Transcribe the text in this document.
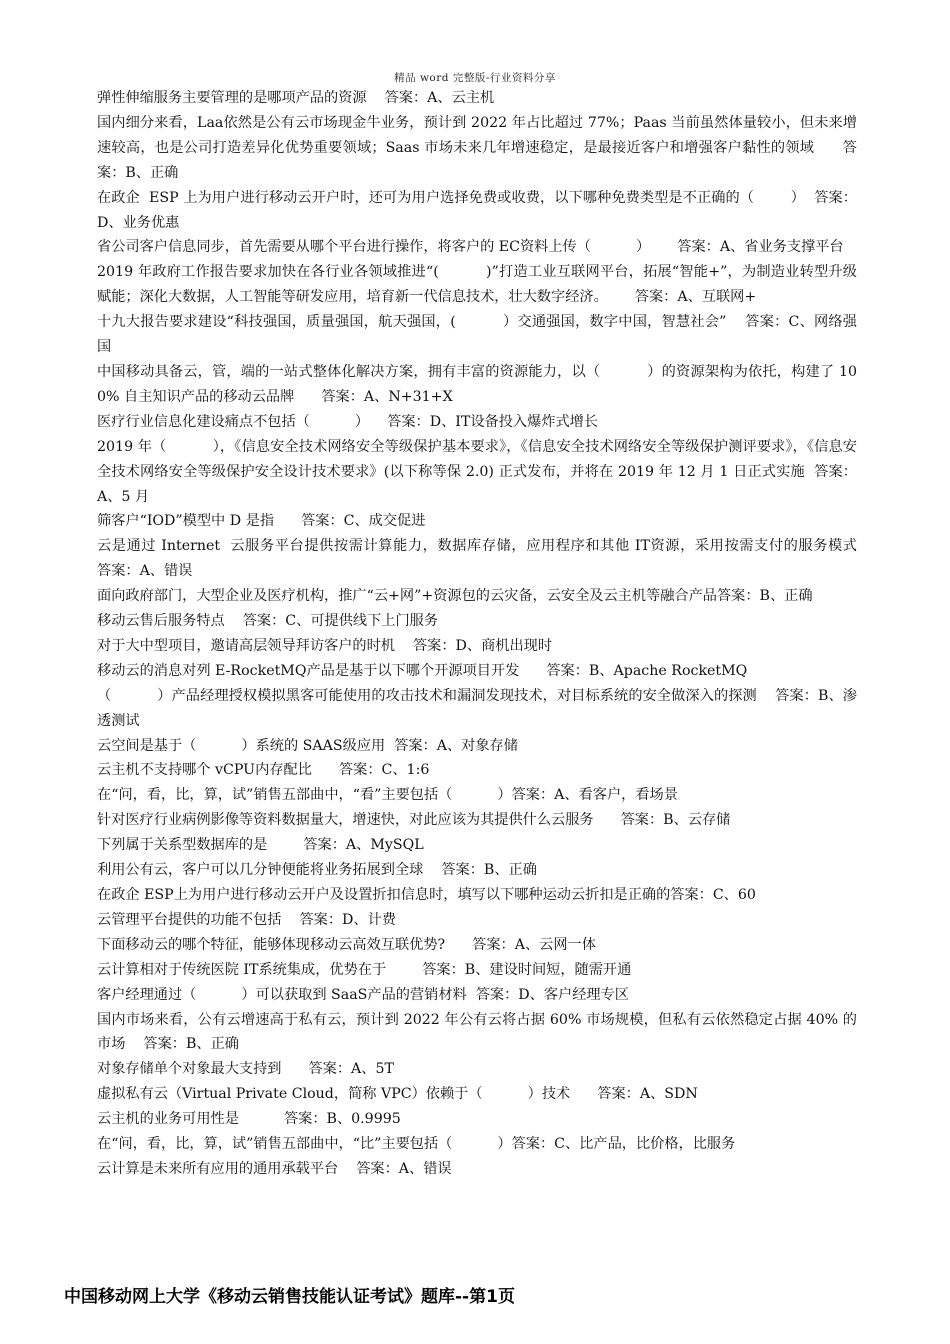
精品 word 完整版-行业资料分享
弹性伸缩服务主要管理的是哪项产品的资源    答案：A、云主机
国内细分来看，Laa依然是公有云市场现金牛业务，预计到 2022 年占比超过 77%；Paas 当前虽然体量较小，但未来增速较高，也是公司打造差异化优势重要领域；Saas 市场未来几年增速稳定，是最接近客户和增强客户黏性的领域      答案：B、正确
在政企  ESP 上为用户进行移动云开户时，还可为用户选择免费或收费，以下哪种免费类型是不正确的（        ）  答案：D、业务优惠
省公司客户信息同步，首先需要从哪个平台进行操作，将客户的 EC资料上传（          ）      答案：A、省业务支撑平台
2019 年政府工作报告要求加快在各行业各领域推进“(          )”打造工业互联网平台，拓展“智能+”，为制造业转型升级赋能；深化大数据，人工智能等研发应用，培育新一代信息技术，壮大数字经济。      答案：A、互联网+
十九大报告要求建设“科技强国，质量强国，航天强国，(          ）交通强国，数字中国，智慧社会”    答案：C、网络强国
中国移动具备云，管，端的一站式整体化解决方案，拥有丰富的资源能力，以（          ）的资源架构为依托，构建了 100% 自主知识产品的移动云品牌      答案：A、N+31+X
医疗行业信息化建设痛点不包括（          ）    答案：D、IT设备投入爆炸式增长
2019 年（          ），《信息安全技术网络安全等级保护基本要求》，《信息安全技术网络安全等级保护测评要求》，《信息安全技术网络安全等级保护安全设计技术要求》(以下称等保 2.0) 正式发布，并将在 2019 年 12 月 1 日正式实施  答案：A、5 月
筛客户“IOD”模型中 D 是指      答案：C、成交促进
云是通过 Internet  云服务平台提供按需计算能力，数据库存储，应用程序和其他 IT资源，采用按需支付的服务模式    答案：A、错误
面向政府部门，大型企业及医疗机构，推广“云+网”+资源包的云灾备，云安全及云主机等融合产品答案：B、正确
移动云售后服务特点    答案：C、可提供线下上门服务
对于大中型项目，邀请高层领导拜访客户的时机    答案：D、商机出现时
移动云的消息对列 E-RocketMQ产品是基于以下哪个开源项目开发      答案：B、Apache RocketMQ
（          ）产品经理授权模拟黑客可能使用的攻击技术和漏洞发现技术，对目标系统的安全做深入的探测    答案：B、渗透测试
云空间是基于（          ）系统的 SAAS级应用  答案：A、对象存储
云主机不支持哪个 vCPU内存配比      答案：C、1:6
在“问，看，比，算，试”销售五部曲中，“看”主要包括（          ）答案：A、看客户，看场景
针对医疗行业病例影像等资料数据量大，增速快，对此应该为其提供什么云服务      答案：B、云存储
下列属于关系型数据库的是        答案：A、MySQL
利用公有云，客户可以几分钟便能将业务拓展到全球    答案：B、正确
在政企 ESP上为用户进行移动云开户及设置折扣信息时，填写以下哪种运动云折扣是正确的答案：C、60
云管理平台提供的功能不包括    答案：D、计费
下面移动云的哪个特征，能够体现移动云高效互联优势?      答案：A、云网一体
云计算相对于传统医院 IT系统集成，优势在于        答案：B、建设时间短，随需开通
客户经理通过（          ）可以获取到 SaaS产品的营销材料  答案：D、客户经理专区
国内市场来看，公有云增速高于私有云，预计到 2022 年公有云将占据 60% 市场规模，但私有云依然稳定占据 40% 的市场    答案：B、正确
对象存储单个对象最大支持到      答案：A、5T
虚拟私有云（Virtual Private Cloud，简称 VPC）依赖于（          ）技术      答案：A、SDN
云主机的业务可用性是          答案：B、0.9995
在“问，看，比，算，试”销售五部曲中，“比”主要包括（          ）答案：C、比产品，比价格，比服务
云计算是未来所有应用的通用承载平台    答案：A、错误
中国移动网上大学《移动云销售技能认证考试》题库--第1页
